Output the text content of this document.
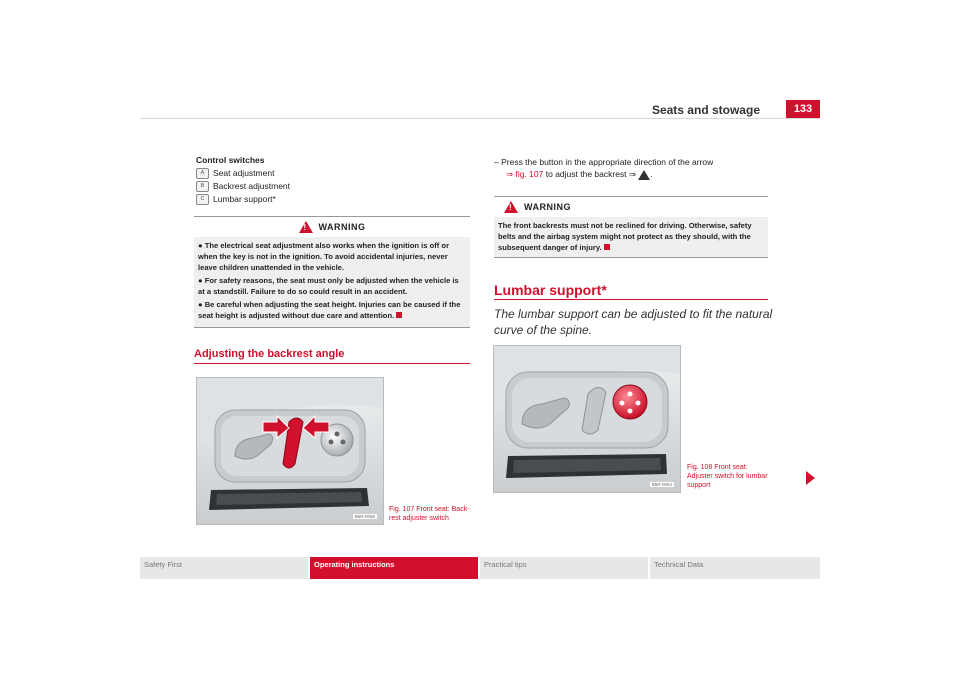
Seats and stowage	133
Control switches
A	Seat adjustment
B	Backrest adjustment
C	Lumbar support*
! WARNING

● The electrical seat adjustment also works when the ignition is off or when the key is not in the ignition. To avoid accidental injuries, never leave children unattended in the vehicle.

● For safety reasons, the seat must only be adjusted when the vehicle is at a standstill. Failure to do so could result in an accident.

● Be careful when adjusting the seat height. Injuries can be caused if the seat height is adjusted without due care and attention.

Adjusting the backrest angle
B5R-0056
Fig. 107 Front seat: Back-rest adjuster switch
– Press the button in the appropriate direction of the arrow
⇒ fig. 107 to adjust the backrest ⇒ .
! WARNING
The front backrests must not be reclined for driving. Otherwise, safety belts and the airbag system might not protect as they should, with the subsequent danger of injury.
Lumbar support*
The lumbar support can be adjusted to fit the natural curve of the spine.
B5R-0054
Fig. 108 Front seat: Adjuster switch for lumbar support
Safety First	Operating instructions	Practical tips	Technical Data
